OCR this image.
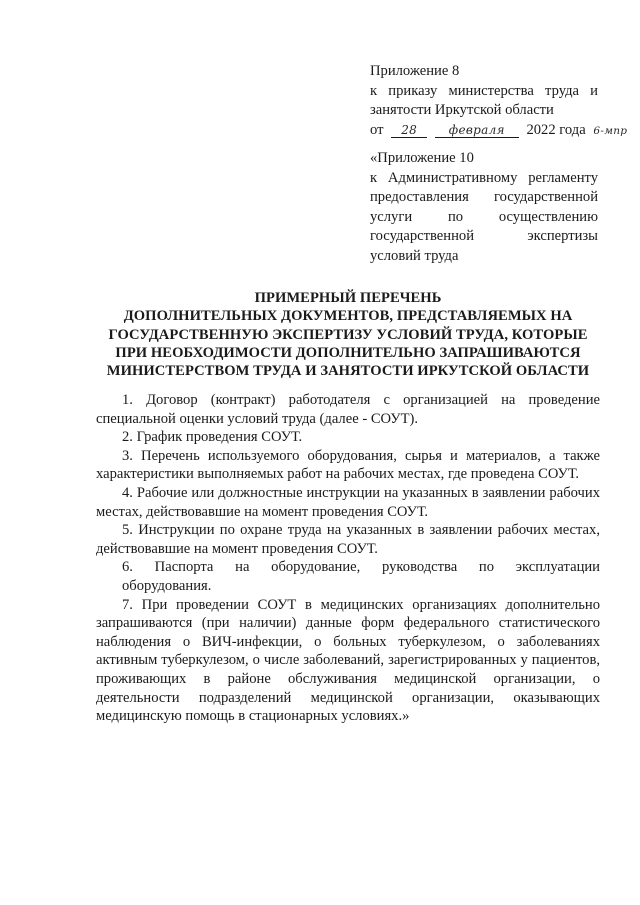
Приложение 8
к приказу министерства труда и
занятости Иркутской области
от 28	февраля 2022 года 6-мпр
«Приложение 10
к Административному регламенту
предоставления государственной
услуги по осуществлению
государственной экспертизы
условий труда
ПРИМЕРНЫЙ ПЕРЕЧЕНЬ
ДОПОЛНИТЕЛЬНЫХ ДОКУМЕНТОВ, ПРЕДСТАВЛЯЕМЫХ НА
ГОСУДАРСТВЕННУЮ ЭКСПЕРТИЗУ УСЛОВИЙ ТРУДА, КОТОРЫЕ
ПРИ НЕОБХОДИМОСТИ ДОПОЛНИТЕЛЬНО ЗАПРАШИВАЮТСЯ
МИНИСТЕРСТВОМ ТРУДА И ЗАНЯТОСТИ ИРКУТСКОЙ ОБЛАСТИ

1. Договор (контракт) работодателя с организацией на проведение специальной оценки условий труда (далее - СОУТ).

2. График проведения СОУТ.

3. Перечень используемого оборудования, сырья и материалов, а также характеристики выполняемых работ на рабочих местах, где проведена СОУТ.

4. Рабочие или должностные инструкции на указанных в заявлении рабочих местах, действовавшие на момент проведения СОУТ.

5. Инструкции по охране труда на указанных в заявлении рабочих местах, действовавшие на момент проведения СОУТ.

6. Паспорта на оборудование, руководства по эксплуатации
оборудования.

7. При проведении СОУТ в медицинских организациях дополнительно запрашиваются (при наличии) данные форм федерального статистического наблюдения о ВИЧ-инфекции, о больных туберкулезом, о заболеваниях активным туберкулезом, о числе заболеваний, зарегистрированных у пациентов, проживающих в районе обслуживания медицинской организации, о деятельности подразделений медицинской организации, оказывающих медицинскую помощь в стационарных условиях.»
